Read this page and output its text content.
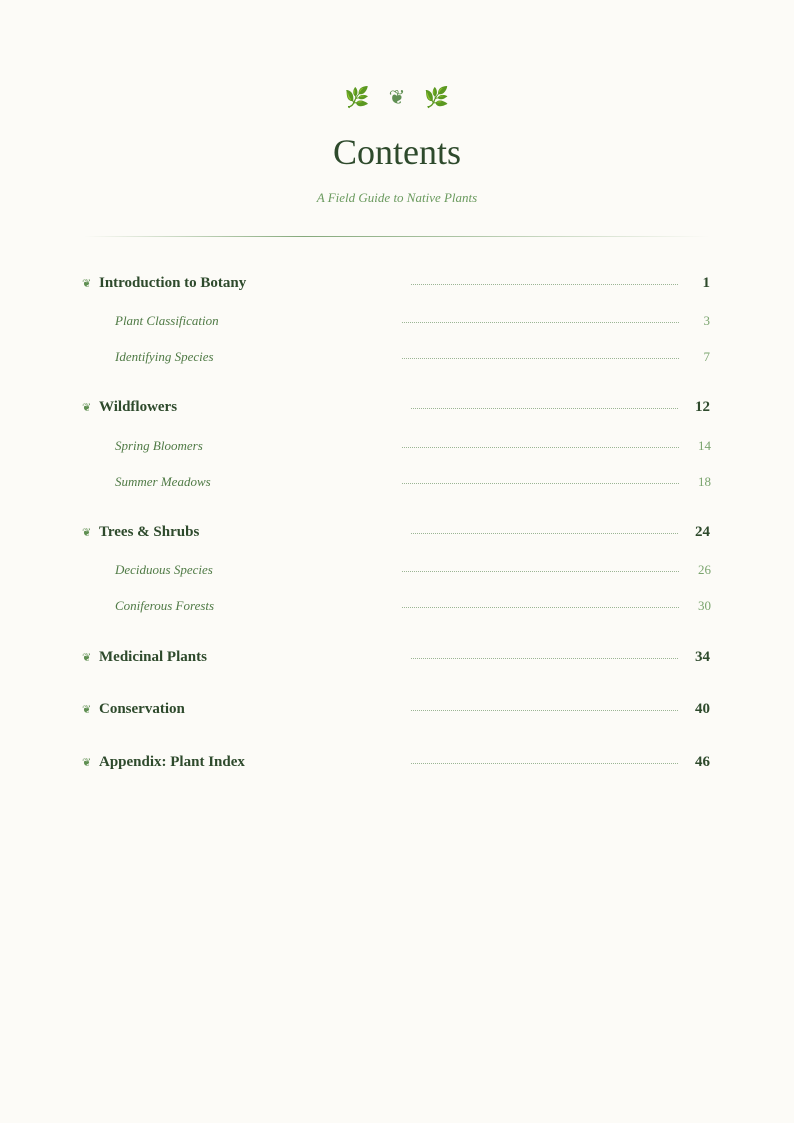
🌿 ❦ 🌿
Contents
A Field Guide to Native Plants
❦ Introduction to Botany	1
Plant Classification	3
Identifying Species	7
❦ Wildflowers	12
Spring Bloomers	14
Summer Meadows	18
❦ Trees & Shrubs	24
Deciduous Species	26
Coniferous Forests	30
❦ Medicinal Plants	34
❦ Conservation	40
❦ Appendix: Plant Index	46
